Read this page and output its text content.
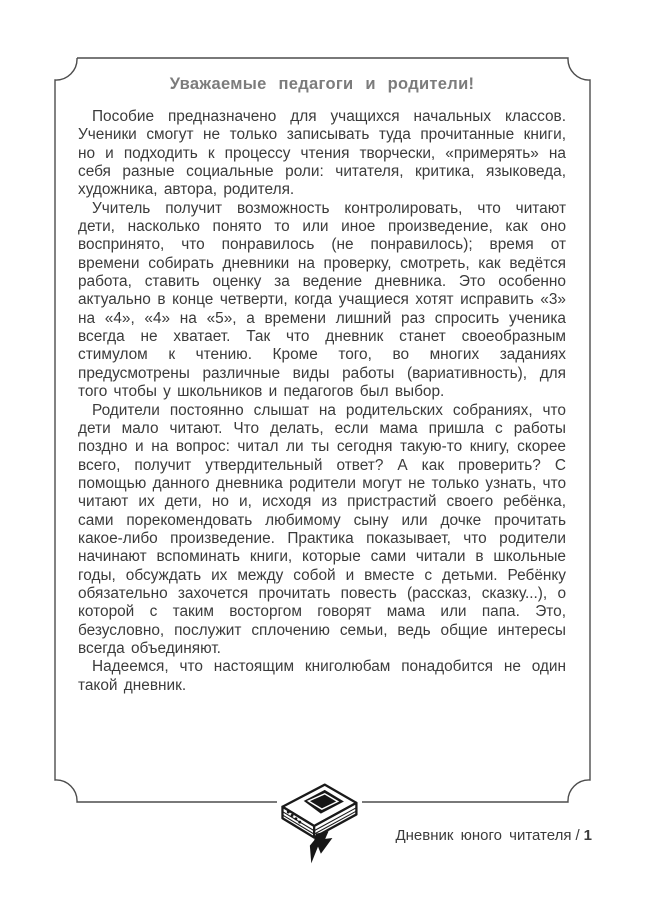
Уважаемые педагоги и родители!

Пособие предназначено для учащихся начальных классов. Ученики смогут не только записывать туда прочитанные книги, но и подходить к процессу чтения творчески, «примерять» на себя разные социальные роли: читателя, критика, языковеда, художника, автора, родителя.

Учитель получит возможность контролировать, что читают дети, насколько понято то или иное произведение, как оно воспринято, что понравилось (не понравилось); время от времени собирать дневники на проверку, смотреть, как ведётся работа, ставить оценку за ведение дневника. Это особенно актуально в конце четверти, когда учащиеся хотят исправить «3» на «4», «4» на «5», а времени лишний раз спросить ученика всегда не хватает. Так что дневник станет своеобразным стимулом к чтению. Кроме того, во многих заданиях предусмотрены различные виды работы (вариативность), для того чтобы у школьников и педагогов был выбор.

Родители постоянно слышат на родительских собраниях, что дети мало читают. Что делать, если мама пришла с работы поздно и на вопрос: читал ли ты сегодня такую-то книгу, скорее всего, получит утвердительный ответ? А как проверить? С помощью данного дневника родители могут не только узнать, что читают их дети, но и, исходя из пристрастий своего ребёнка, сами порекомендовать любимому сыну или дочке прочитать какое-либо произведение. Практика показывает, что родители начинают вспоминать книги, которые сами читали в школьные годы, обсуждать их между собой и вместе с детьми. Ребёнку обязательно захочется прочитать повесть (рассказ, сказку...), о которой с таким восторгом говорят мама или папа. Это, безусловно, послужит сплочению семьи, ведь общие интересы всегда объединяют.

Надеемся, что настоящим книголюбам понадобится не один такой дневник.

Дневник юного читателя / 1
